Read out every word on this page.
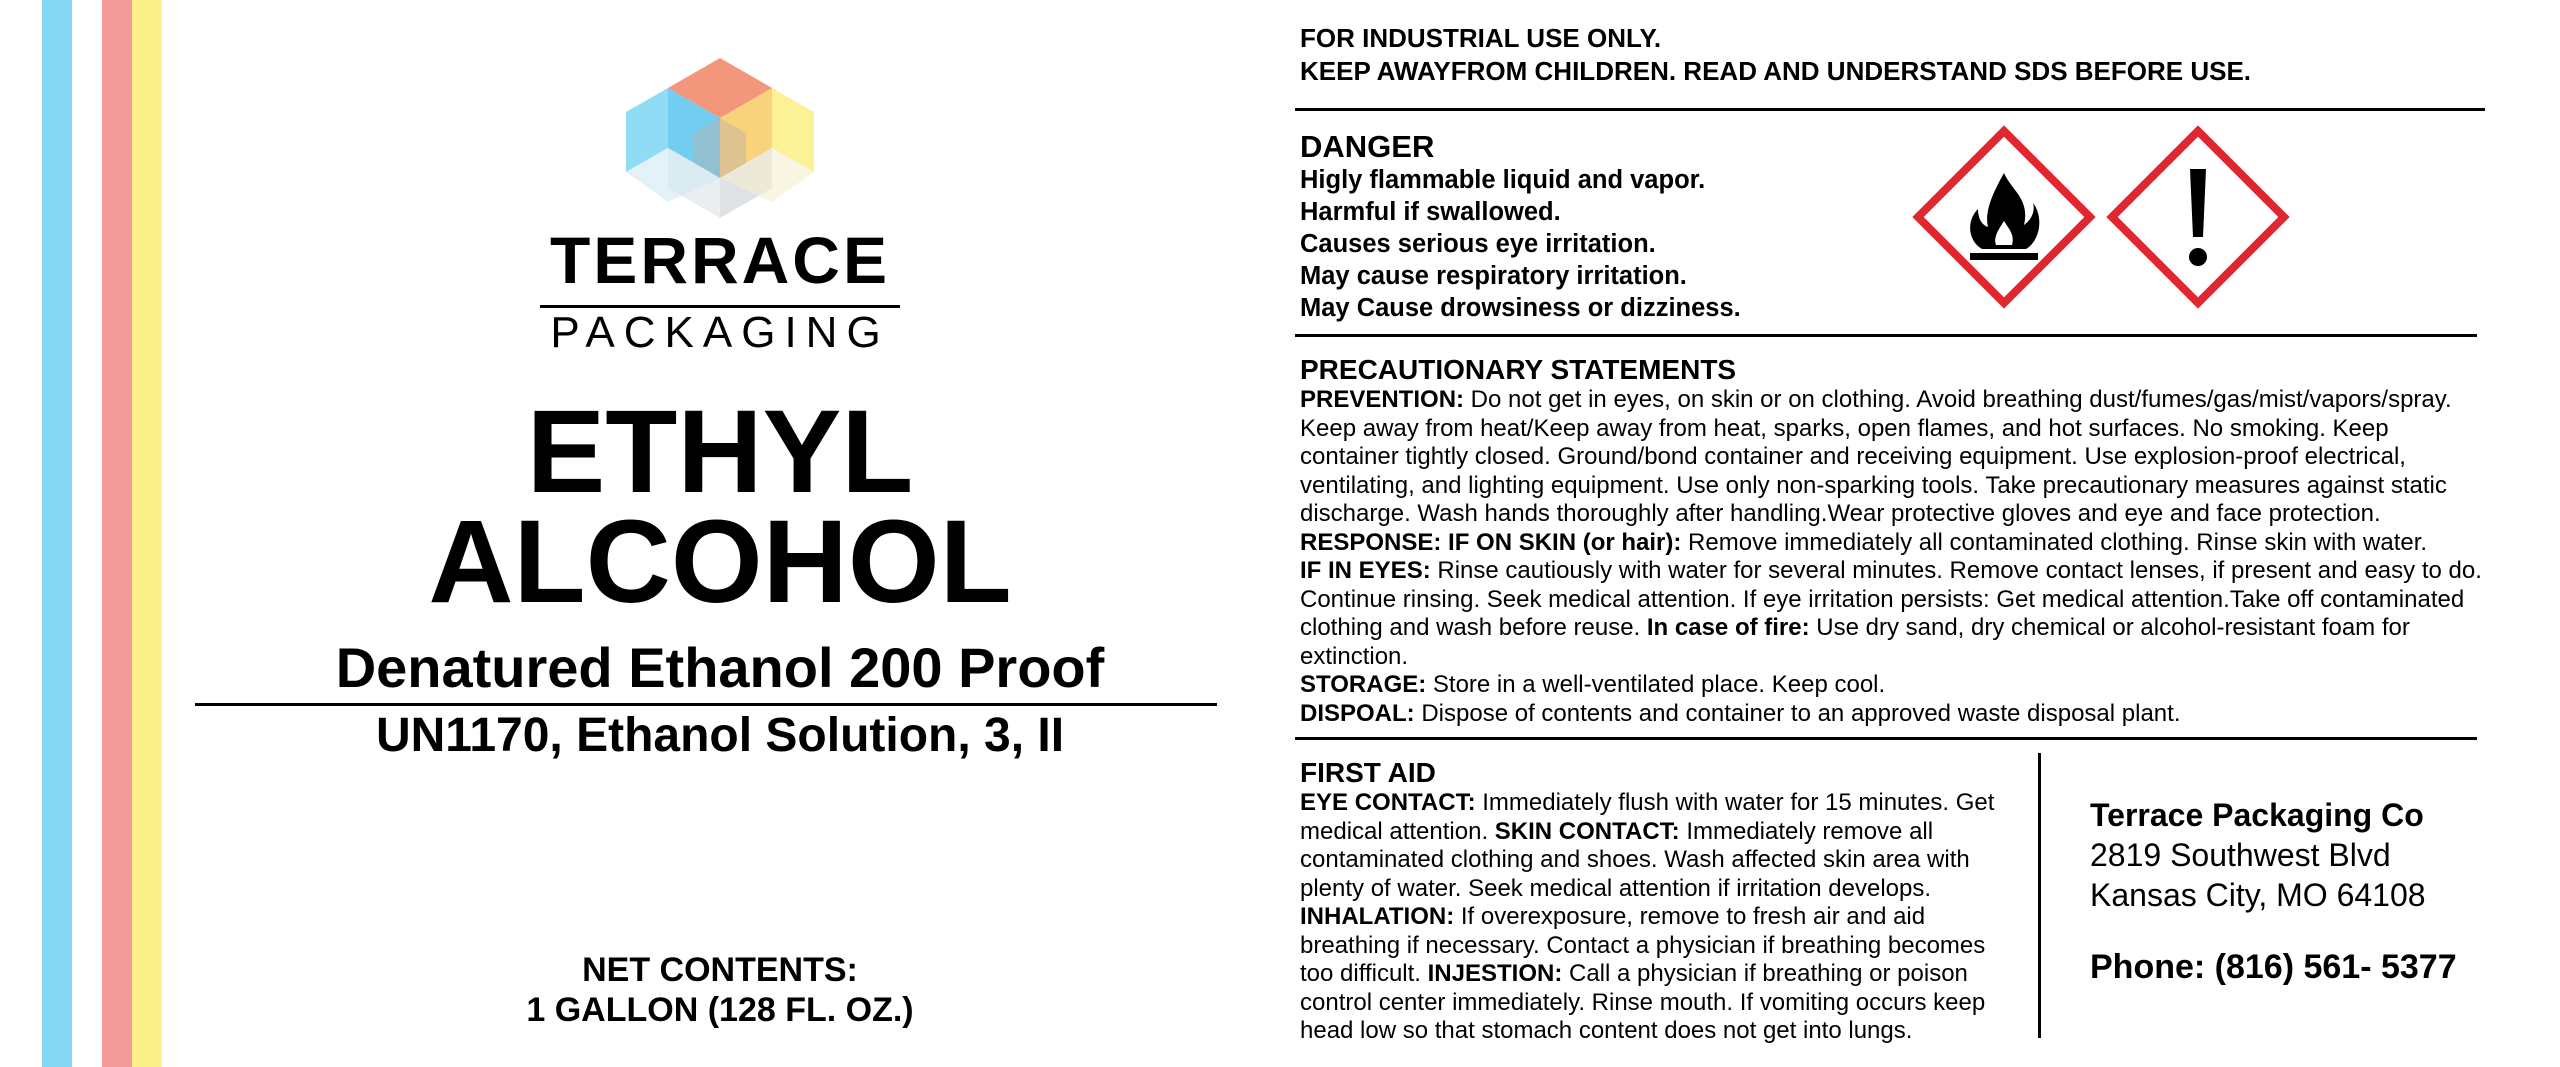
TERRACE
PACKAGING
ETHYL
ALCOHOL
Denatured Ethanol 200 Proof
UN1170, Ethanol Solution, 3, II
NET CONTENTS:
1 GALLON (128 FL. OZ.)
FOR INDUSTRIAL USE ONLY.
KEEP AWAYFROM CHILDREN. READ AND UNDERSTAND SDS BEFORE USE.
DANGER
Higly flammable liquid and vapor.
Harmful if swallowed.
Causes serious eye irritation.
May cause respiratory irritation.
May Cause drowsiness or dizziness.
PRECAUTIONARY STATEMENTS
PREVENTION: Do not get in eyes, on skin or on clothing. Avoid breathing dust/fumes/gas/mist/vapors/spray. Keep away from heat/Keep away from heat, sparks, open flames, and hot surfaces. No smoking. Keep container tightly closed. Ground/bond container and receiving equipment. Use explosion-proof electrical, ventilating, and lighting equipment. Use only non-sparking tools. Take precautionary measures against static discharge. Wash hands thoroughly after handling.Wear protective gloves and eye and face protection.
RESPONSE: IF ON SKIN (or hair): Remove immediately all contaminated clothing. Rinse skin with water.
IF IN EYES: Rinse cautiously with water for several minutes. Remove contact lenses, if present and easy to do. Continue rinsing. Seek medical attention. If eye irritation persists: Get medical attention.Take off contaminated clothing and wash before reuse. In case of fire: Use dry sand, dry chemical or alcohol-resistant foam for extinction.
STORAGE: Store in a well-ventilated place. Keep cool.
DISPOAL: Dispose of contents and container to an approved waste disposal plant.
FIRST AID
EYE CONTACT: Immediately flush with water for 15 minutes. Get medical attention. SKIN CONTACT: Immediately remove all contaminated clothing and shoes. Wash affected skin area with plenty of water. Seek medical attention if irritation develops.
INHALATION: If overexposure, remove to fresh air and aid breathing if necessary. Contact a physician if breathing becomes too difficult. INJESTION: Call a physician if breathing or poison control center immediately. Rinse mouth. If vomiting occurs keep head low so that stomach content does not get into lungs.
Terrace Packaging Co
2819 Southwest Blvd
Kansas City, MO 64108
Phone: (816) 561- 5377
